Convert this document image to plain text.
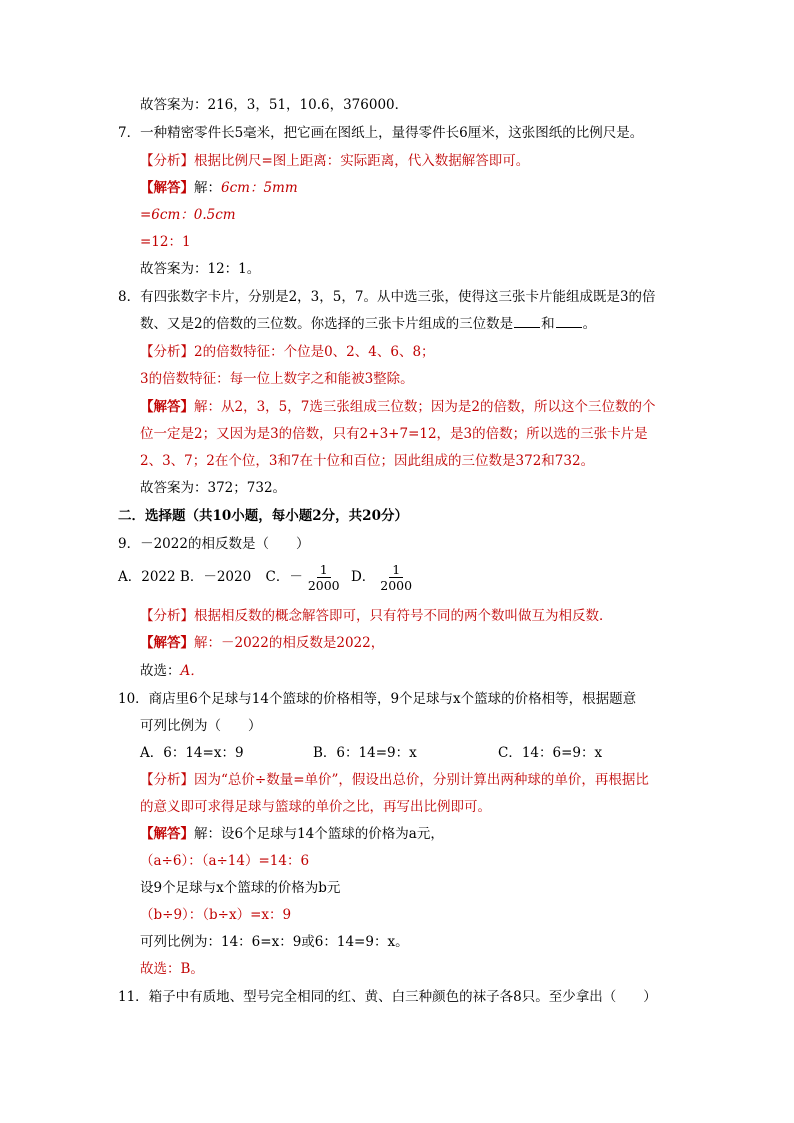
故答案为：216，3，51，10.6，376000．
7．一种精密零件长5毫米，把它画在图纸上，量得零件长6厘米，这张图纸的比例尺是。
【分析】根据比例尺=图上距离：实际距离，代入数据解答即可。
【解答】解：6cm：5mm
=6cm：0.5cm
=12：1
故答案为：12：1。
8．有四张数字卡片，分别是2，3，5，7。从中选三张，使得这三张卡片能组成既是3的倍
数、又是2的倍数的三位数。你选择的三张卡片组成的三位数是 和 。
【分析】2的倍数特征：个位是0、2、4、6、8；
3的倍数特征：每一位上数字之和能被3整除。
【解答】解：从2，3，5，7选三张组成三位数；因为是2的倍数，所以这个三位数的个
位一定是2；又因为是3的倍数，只有2+3+7=12，是3的倍数；所以选的三张卡片是
2、3、7；2在个位，3和7在十位和百位；因此组成的三位数是372和732。
故答案为：372；732。
二．选择题（共10小题，每小题2分，共20分）
9．－2022的相反数是（　　）
A．2022 B．－2020 C．－ $\frac{1}{2000}$ D． $\frac{1}{2000}$
【分析】根据相反数的概念解答即可，只有符号不同的两个数叫做互为相反数．
【解答】解：－2022的相反数是2022，
故选：A．
10．商店里6个足球与14个篮球的价格相等，9个足球与x个篮球的价格相等，根据题意
可列比例为（　　）
A．6：14=x：9	B．6：14=9：x	C．14：6=9：x
【分析】因为“总价÷数量=单价”，假设出总价，分别计算出两种球的单价，再根据比
的意义即可求得足球与篮球的单价之比，再写出比例即可。
【解答】解：设6个足球与14个篮球的价格为a元，
（a÷6）：（a÷14）=14：6
设9个足球与x个篮球的价格为b元
（b÷9）：（b÷x）=x：9
可列比例为：14：6=x：9或6：14=9：x。
故选：B。
11．箱子中有质地、型号完全相同的红、黄、白三种颜色的袜子各8只。至少拿出（　　）
